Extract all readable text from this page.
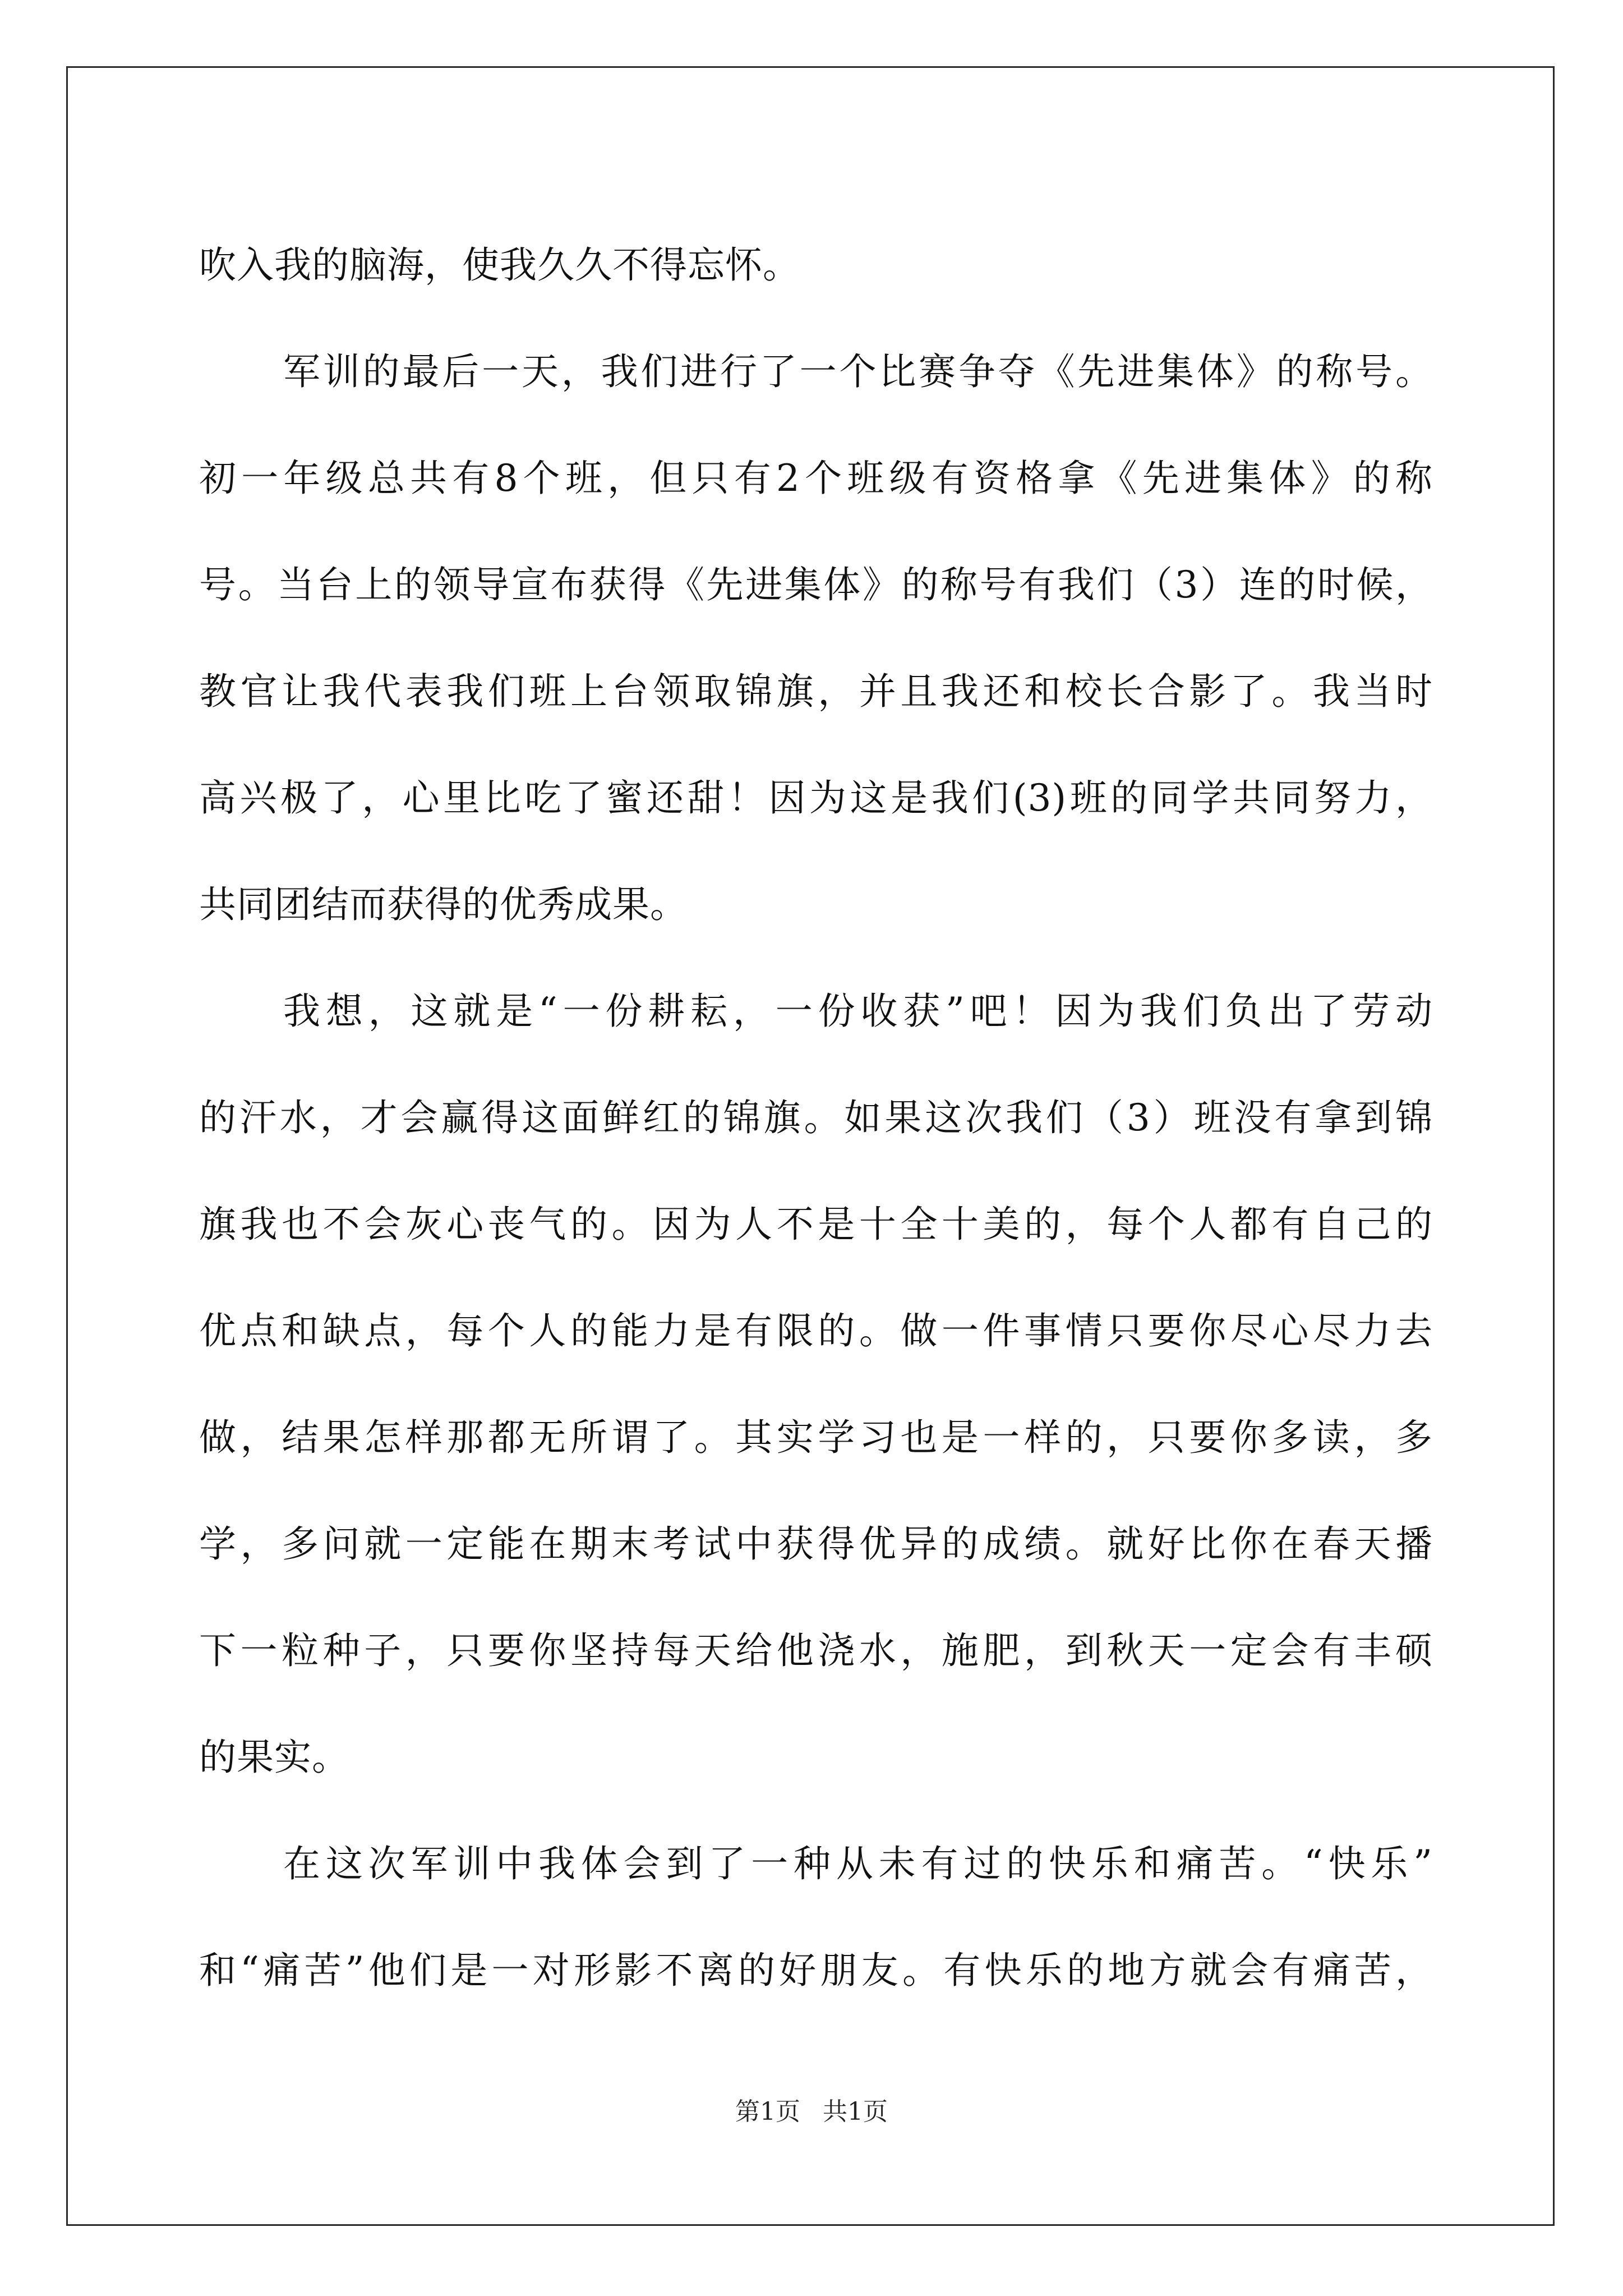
吹入我的脑海，使我久久不得忘怀。
军训的最后一天，我们进行了一个比赛争夺《先进集体》的称号。
初一年级总共有8个班，但只有2个班级有资格拿《先进集体》的称
号。当台上的领导宣布获得《先进集体》的称号有我们（3）连的时候，
教官让我代表我们班上台领取锦旗，并且我还和校长合影了。我当时
高兴极了，心里比吃了蜜还甜！因为这是我们(3)班的同学共同努力，
共同团结而获得的优秀成果。
我想，这就是“一份耕耘，一份收获”吧！因为我们负出了劳动
的汗水，才会赢得这面鲜红的锦旗。如果这次我们（3）班没有拿到锦
旗我也不会灰心丧气的。因为人不是十全十美的，每个人都有自己的
优点和缺点，每个人的能力是有限的。做一件事情只要你尽心尽力去
做，结果怎样那都无所谓了。其实学习也是一样的，只要你多读，多
学，多问就一定能在期末考试中获得优异的成绩。就好比你在春天播
下一粒种子，只要你坚持每天给他浇水，施肥，到秋天一定会有丰硕
的果实。
在这次军训中我体会到了一种从未有过的快乐和痛苦。“快乐”
和“痛苦”他们是一对形影不离的好朋友。有快乐的地方就会有痛苦，
第1页 共1页
